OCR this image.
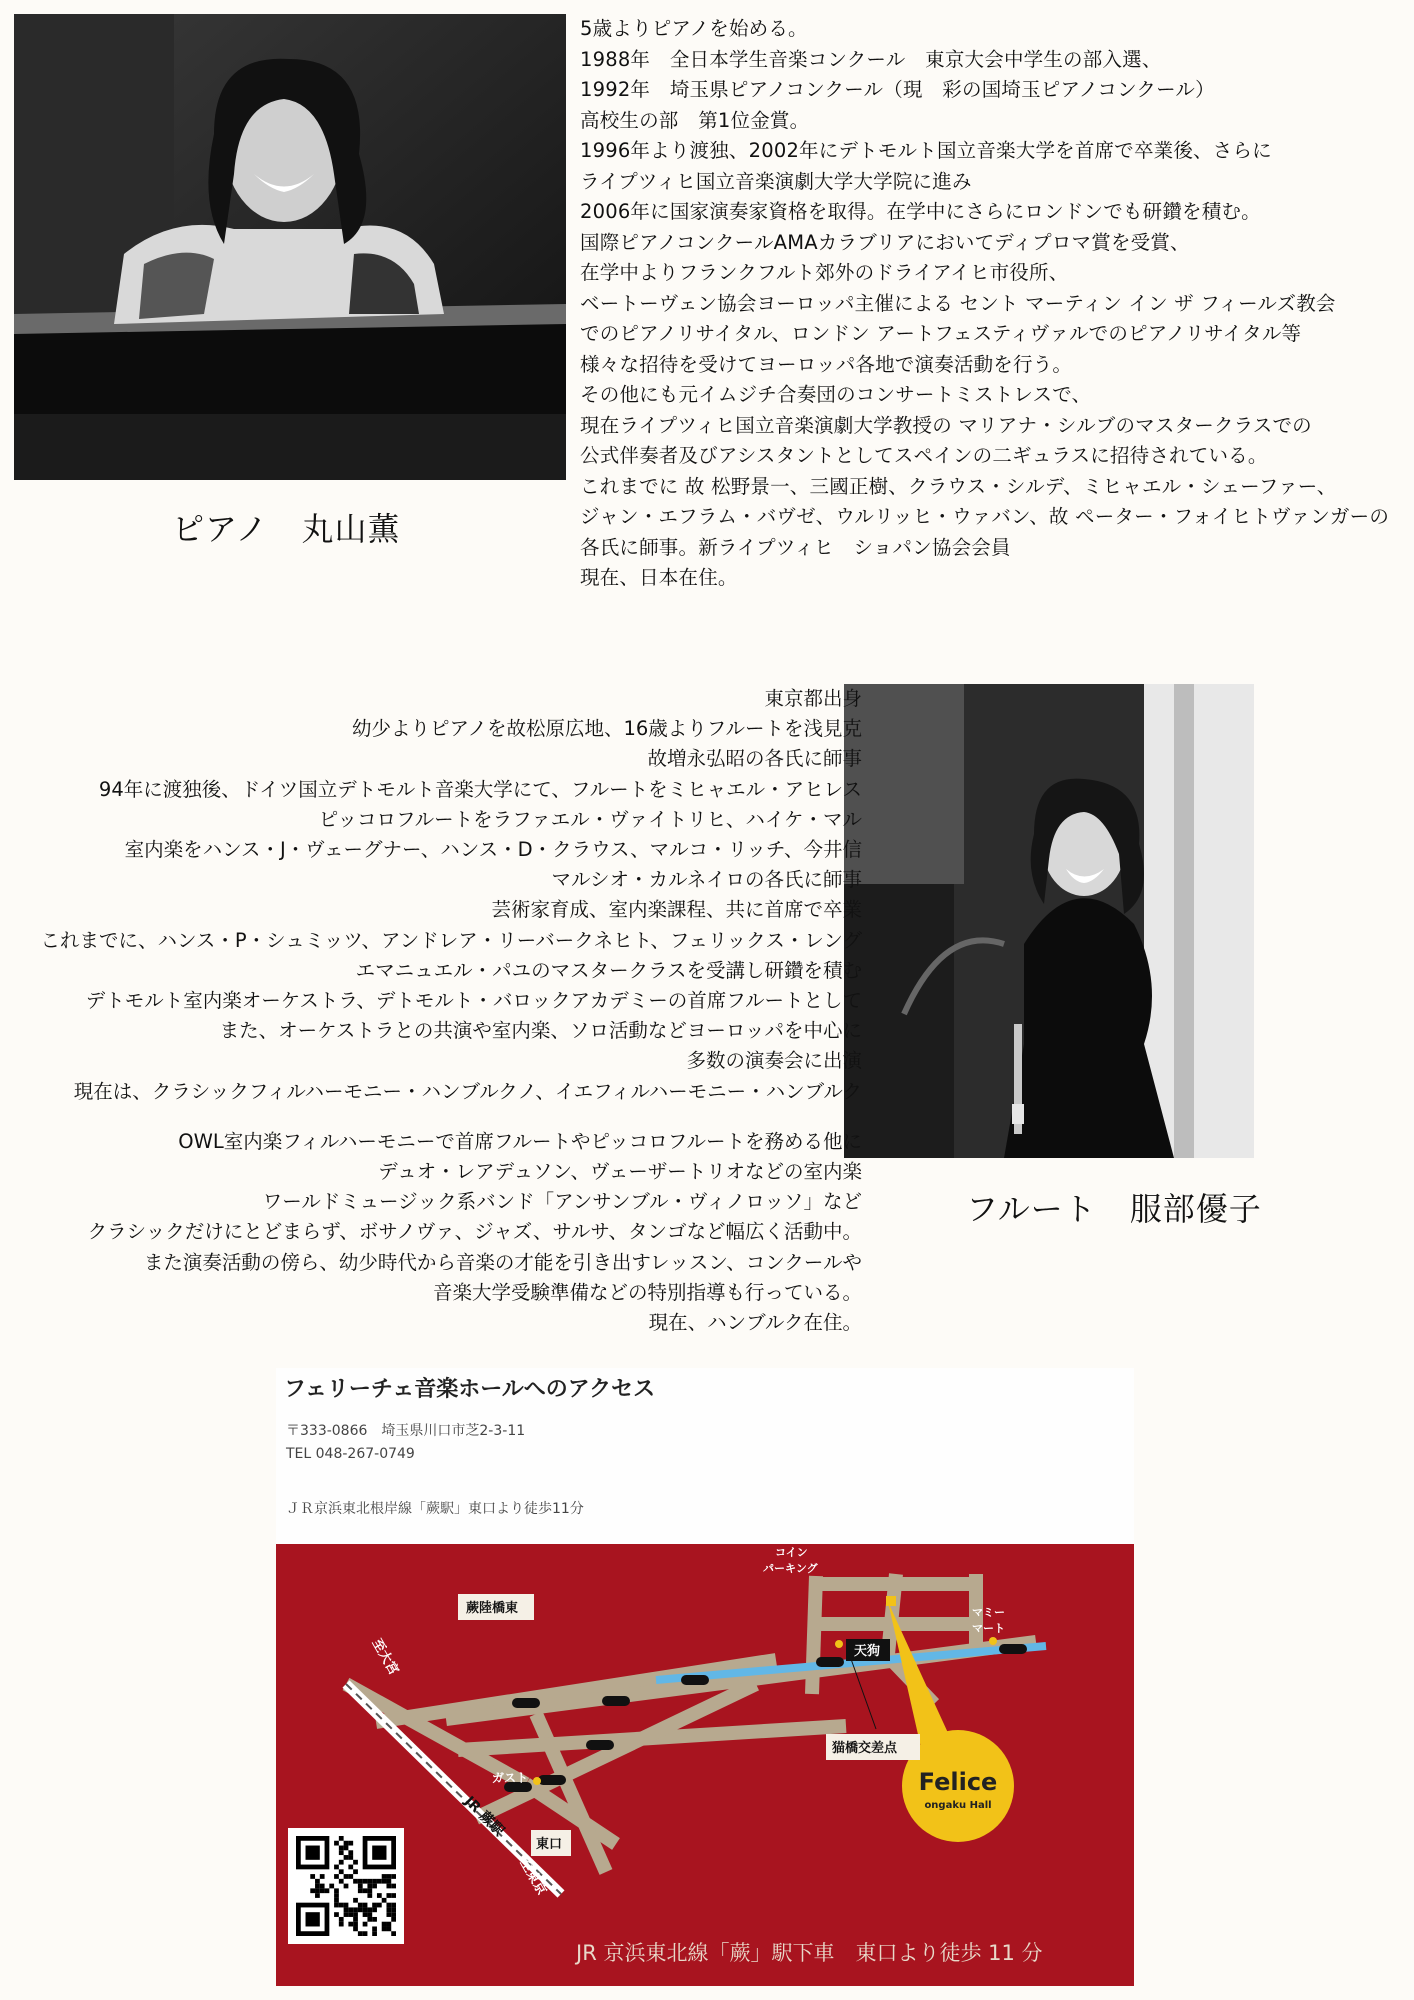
5歳よりピアノを始める。
1988年　全日本学生音楽コンクール　東京大会中学生の部入選、
1992年　埼玉県ピアノコンクール（現　彩の国埼玉ピアノコンクール）
高校生の部　第1位金賞。
1996年より渡独、2002年にデトモルト国立音楽大学を首席で卒業後、さらに
ライプツィヒ国立音楽演劇大学大学院に進み
2006年に国家演奏家資格を取得。在学中にさらにロンドンでも研鑽を積む。
国際ピアノコンクールAMAカラブリアにおいてディプロマ賞を受賞、
在学中よりフランクフルト郊外のドライアイヒ市役所、
ベートーヴェン協会ヨーロッパ主催による セント マーティン イン ザ フィールズ教会
でのピアノリサイタル、ロンドン アートフェスティヴァルでのピアノリサイタル等
様々な招待を受けてヨーロッパ各地で演奏活動を行う。
その他にも元イムジチ合奏団のコンサートミストレスで、
現在ライプツィヒ国立音楽演劇大学教授の マリアナ・シルブのマスタークラスでの
公式伴奏者及びアシスタントとしてスペインの二ギュラスに招待されている。
これまでに 故 松野景一、三國正樹、クラウス・シルデ、ミヒャエル・シェーファー、
ジャン・エフラム・バヴゼ、ウルリッヒ・ウァバン、故 ペーター・フォイヒトヴァンガーの
各氏に師事。新ライプツィヒ　ショパン協会会員
現在、日本在住。
ピアノ　丸山薫
東京都出身
幼少よりピアノを故松原広地、16歳よりフルートを浅見克
故増永弘昭の各氏に師事
94年に渡独後、ドイツ国立デトモルト音楽大学にて、フルートをミヒャエル・アヒレス
ピッコロフルートをラファエル・ヴァイトリヒ、ハイケ・マル
室内楽をハンス・J・ヴェーグナー、ハンス・D・クラウス、マルコ・リッチ、今井信
マルシオ・カルネイロの各氏に師事
芸術家育成、室内楽課程、共に首席で卒業
これまでに、ハンス・P・シュミッツ、アンドレア・リーバークネヒト、フェリックス・レング
エマニュエル・パユのマスタークラスを受講し研鑽を積む
デトモルト室内楽オーケストラ、デトモルト・バロックアカデミーの首席フルートとして
また、オーケストラとの共演や室内楽、ソロ活動などヨーロッパを中心に
多数の演奏会に出演
現在は、クラシックフィルハーモニー・ハンブルクノ、イエフィルハーモニー・ハンブルク
OWL室内楽フィルハーモニーで首席フルートやピッコロフルートを務める他に
デュオ・レアデュソン、ヴェーザートリオなどの室内楽
ワールドミュージック系バンド「アンサンブル・ヴィノロッソ」など
クラシックだけにとどまらず、ボサノヴァ、ジャズ、サルサ、タンゴなど幅広く活動中。
また演奏活動の傍ら、幼少時代から音楽の才能を引き出すレッスン、コンクールや
音楽大学受験準備などの特別指導も行っている。
現在、ハンブルク在住。
フルート　服部優子
フェリーチェ音楽ホールへのアクセス
〒333-0866　埼玉県川口市芝2-3-11
TEL 048-267-0749
ＪＲ京浜東北根岸線「蕨駅」東口より徒歩11分
コイン
パーキング
天狗
マミー
マート
蕨陸橋東
猫橋交差点
東口
ガスト
JR 蕨駅
至大宮
至東京
Felice
ongaku Hall
JR 京浜東北線「蕨」駅下車　東口より徒歩 11 分
